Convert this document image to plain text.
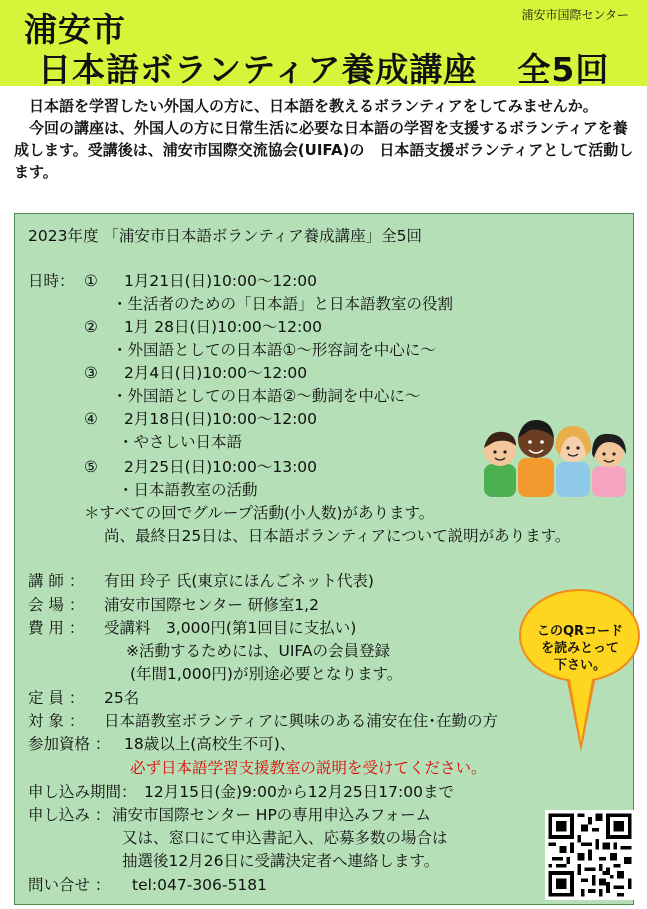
浦安市
日本語ボランティア養成講座 全5回
浦安市国際センター

日本語を学習したい外国人の方に、日本語を教えるボランティアをしてみませんか。

今回の講座は、外国人の方に日常生活に必要な日本語の学習を支援するボランティアを養成します。受講後は、浦安市国際交流協会(UIFA)の　日本語支援ボランティアとして活動します。

2023年度 「浦安市日本語ボランティア養成講座」全5回
日時： ① 1月21日(日)10:00～12:00
・生活者のための「日本語」と日本語教室の役割
② 1月 28日(日)10:00～12:00
・外国語としての日本語①～形容詞を中心に～
③ 2月4日(日)10:00～12:00
・外国語としての日本語②～動詞を中心に～
④ 2月18日(日)10:00～12:00
・やさしい日本語
⑤ 2月25日(日)10:00～13:00
・日本語教室の活動
＊すべての回でグループ活動(小人数)があります。
尚、最終日25日は、日本語ボランティアについて説明があります。
講 師 ： 有田 玲子 氏(東京にほんごネット代表)
会 場 ： 浦安市国際センター 研修室1,2
費 用 ： 受講料　3,000円(第1回目に支払い)
※活動するためには、UIFAの会員登録
(年間1,000円)が別途必要となります。
定 員 ： 25名
対 象 ： 日本語教室ボランティアに興味のある浦安在住･在勤の方
参加資格 ： 18歳以上(高校生不可)、
必ず日本語学習支援教室の説明を受けてください。
申し込み期間： 12月15日(金)9:00から12月25日17:00まで
申し込み ： 浦安市国際センター HPの専用申込みフォーム
又は、窓口にて申込書記入、応募多数の場合は
抽選後12月26日に受講決定者へ連絡します。
問い合せ ： tel:047-306-5181
このQRコード
を読みとって
下さい。
